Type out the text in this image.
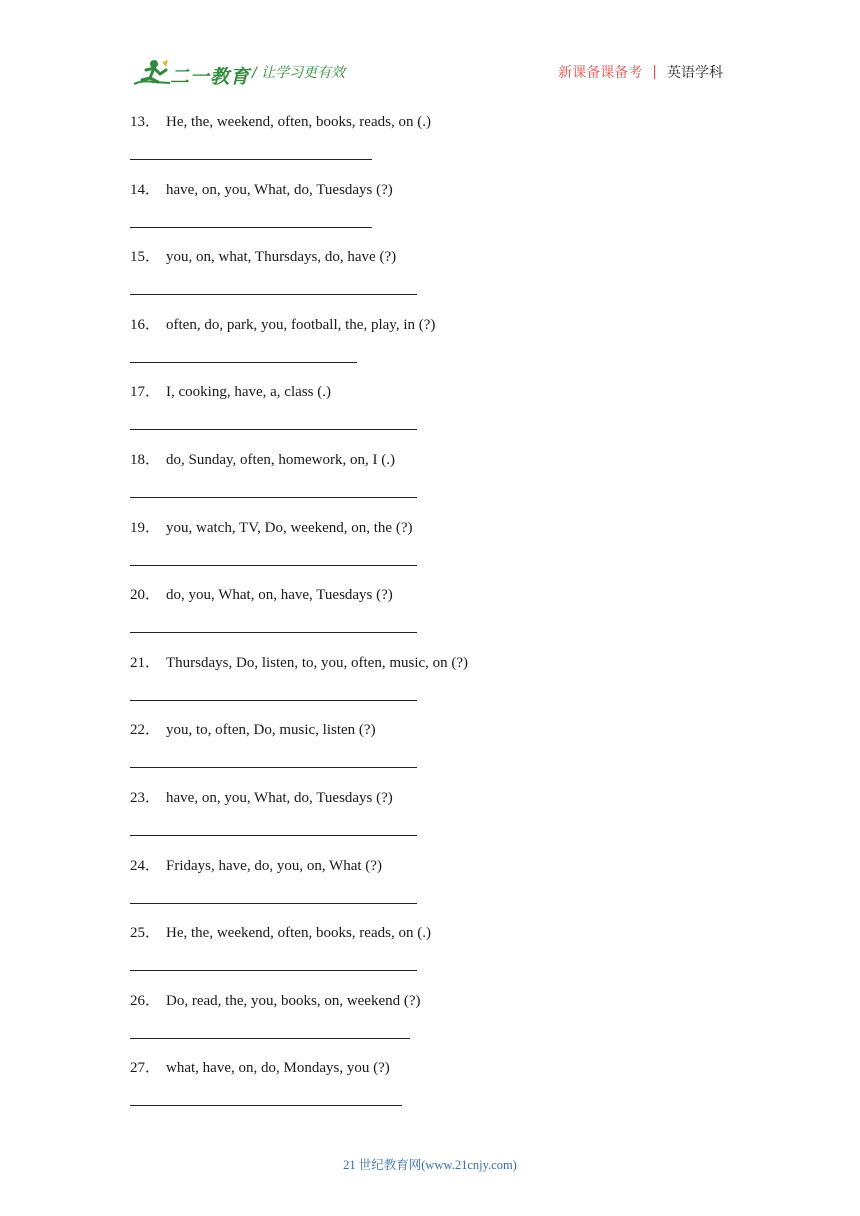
二一教育 / 让学习更有效	新课备课备考 | 英语学科
13． He, the, weekend, often, books, reads, on (.)
14． have, on, you, What, do, Tuesdays (?)
15． you, on, what, Thursdays, do, have (?)
16． often, do, park, you, football, the, play, in (?)
17． I, cooking, have, a, class (.)
18． do, Sunday, often, homework, on, I (.)
19． you, watch, TV, Do, weekend, on, the (?)
20． do, you, What, on, have, Tuesdays (?)
21． Thursdays, Do, listen, to, you, often, music, on (?)
22． you, to, often, Do, music, listen (?)
23． have, on, you, What, do, Tuesdays (?)
24． Fridays, have, do, you, on, What (?)
25． He, the, weekend, often, books, reads, on (.)
26． Do, read, the, you, books, on, weekend (?)
27． what, have, on, do, Mondays, you (?)
21 世纪教育网(www.21cnjy.com)
